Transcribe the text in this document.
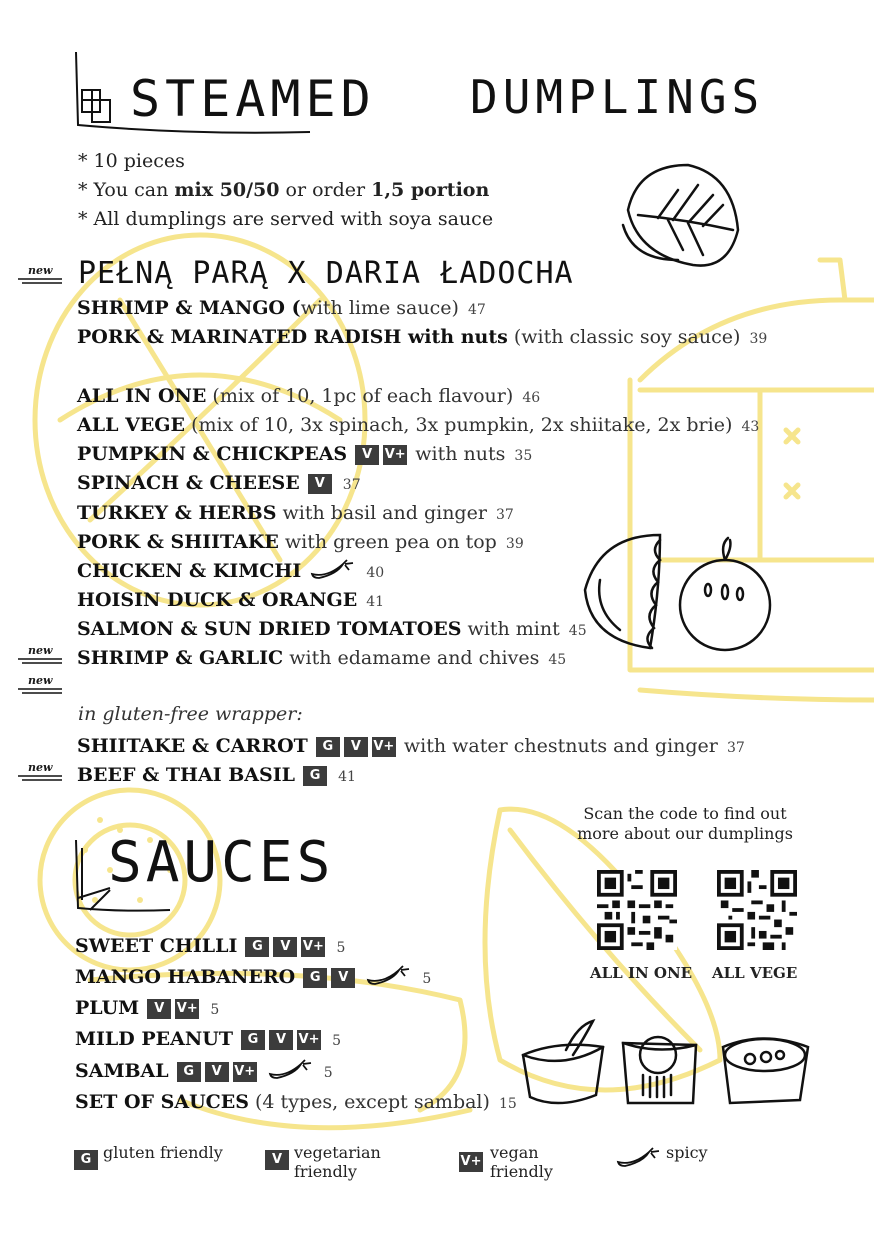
STEAMED DUMPLINGS
* 10 pieces
* You can mix 50/50 or order 1,5 portion
* All dumplings are served with soya sauce
new PEŁNĄ PARĄ X DARIA ŁADOCHA
SHRIMP & MANGO (with lime sauce) 47
PORK & MARINATED RADISH with nuts (with classic soy sauce) 39
ALL IN ONE (mix of 10, 1pc of each flavour) 46
ALL VEGE (mix of 10, 3x spinach, 3x pumpkin, 2x shiitake, 2x brie) 43
PUMPKIN & CHICKPEAS V V+ with nuts 35
SPINACH & CHEESE V 37
TURKEY & HERBS with basil and ginger 37
PORK & SHIITAKE with green pea on top 39
CHICKEN & KIMCHI	40
HOISIN DUCK & ORANGE 41
SALMON & SUN DRIED TOMATOES with mint 45
new SHRIMP & GARLIC with edamame and chives 45
new
in gluten-free wrapper:
SHIITAKE & CARROT G V V+ with water chestnuts and ginger 37
new BEEF & THAI BASIL G 41
SAUCES
SWEET CHILLI G V V+ 5
MANGO HABANERO G V	5
PLUM V V+ 5
MILD PEANUT G V V+ 5
SAMBAL G V V+	5
SET OF SAUCES (4 types, except sambal) 15
Scan the code to find out
more about our dumplings
ALL IN ONE ALL VEGE
G gluten friendly	V vegetarian
friendly
V+ vegan
friendly
spicy
